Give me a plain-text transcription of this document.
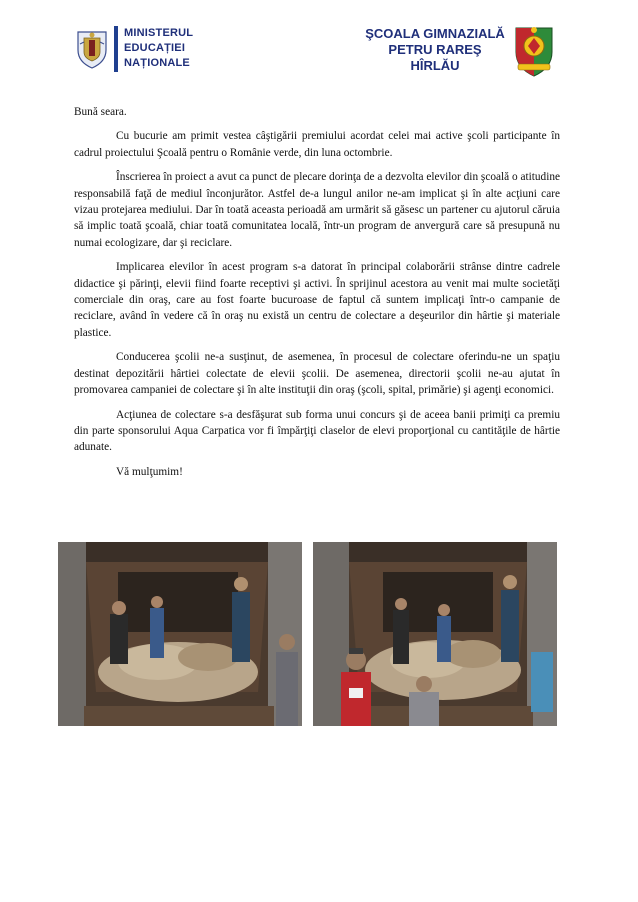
MINISTERUL
EDUCAȚIEI
NAȚIONALE
ŞCOALA GIMNAZIALĂ
PETRU RAREŞ
HÎRLĂU

Bună seara.

Cu bucurie am primit vestea câştigării premiului acordat celei mai active şcoli participante în cadrul proiectului Şcoală pentru o Românie verde, din luna octombrie.

Înscrierea în proiect a avut ca punct de plecare dorinţa de a dezvolta elevilor din şcoală o atitudine responsabilă faţă de mediul înconjurător. Astfel de-a lungul anilor ne-am implicat şi în alte acţiuni care vizau protejarea mediului. Dar în toată aceasta perioadă am urmărit să găsesc un partener cu ajutorul căruia să implic toată şcoală, chiar toată comunitatea locală, într-un program de anvergură care să presupună nu numai ecologizare, dar şi reciclare.

Implicarea elevilor în acest program s-a datorat în principal colaborării strânse dintre cadrele didactice şi părinţi, elevii fiind foarte receptivi şi activi. În sprijinul acestora au venit mai multe societăţi comerciale din oraş, care au fost foarte bucuroase de faptul că suntem implicaţi într-o campanie de reciclare, având în vedere că în oraş nu există un centru de colectare a deşeurilor din hârtie şi materiale plastice.

Conducerea şcolii ne-a susţinut, de asemenea, în procesul de colectare oferindu-ne un spaţiu destinat depozitării hârtiei colectate de elevii şcolii. De asemenea, directorii şcolii ne-au ajutat în promovarea campaniei de colectare şi în alte instituţii din oraş (şcoli, spital, primărie) şi agenţi economici.

Acţiunea de colectare s-a desfăşurat sub forma unui concurs şi de aceea banii primiţi ca premiu din parte sponsorului Aqua Carpatica vor fi împărţiţi claselor de elevi proporţional cu cantităţile de hârtie adunate.

Vă mulţumim!
